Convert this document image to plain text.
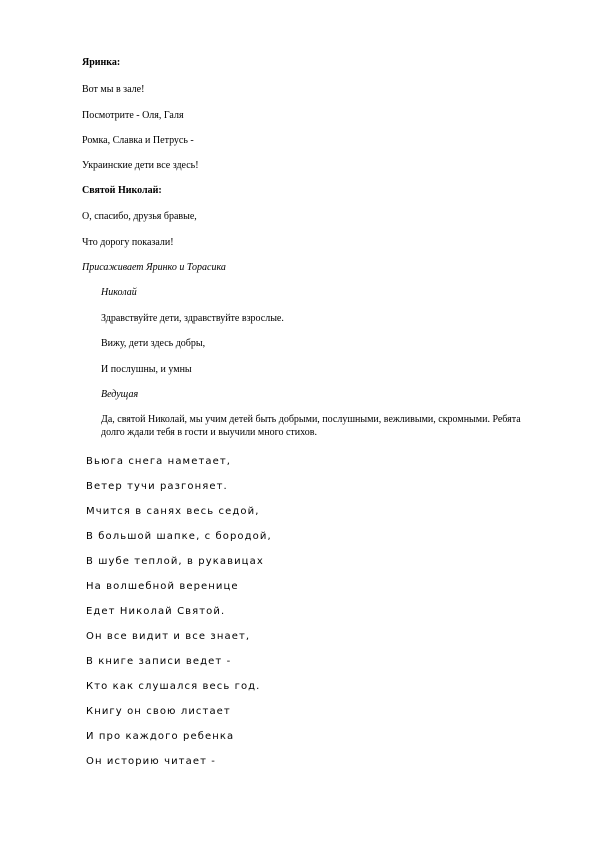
Яринка:
Вот мы в зале!
Посмотрите - Оля, Галя
Ромка, Славка и Петрусь -
Украинские дети все здесь!
Святой Николай:
О, спасибо, друзья бравые,
Что дорогу показали!
Присаживает Яринко и Торасика
Николай
Здравствуйте дети, здравствуйте взрослые.
Вижу, дети здесь добры,
И послушны, и умны
Ведущая
Да, святой Николай, мы учим детей быть добрыми, послушными, вежливыми, скромными. Ребята долго ждали тебя в гости и выучили много стихов.
Вьюга снега наметает,
Ветер тучи разгоняет.
Мчится в санях весь седой,
В большой шапке, с бородой,
В шубе теплой, в рукавицах
На волшебной веренице
Едет Николай Святой.
Он все видит и все знает,
В книге записи ведет -
Кто как слушался весь год.
Книгу он свою листает
И про каждого ребенка
Он историю читает -
